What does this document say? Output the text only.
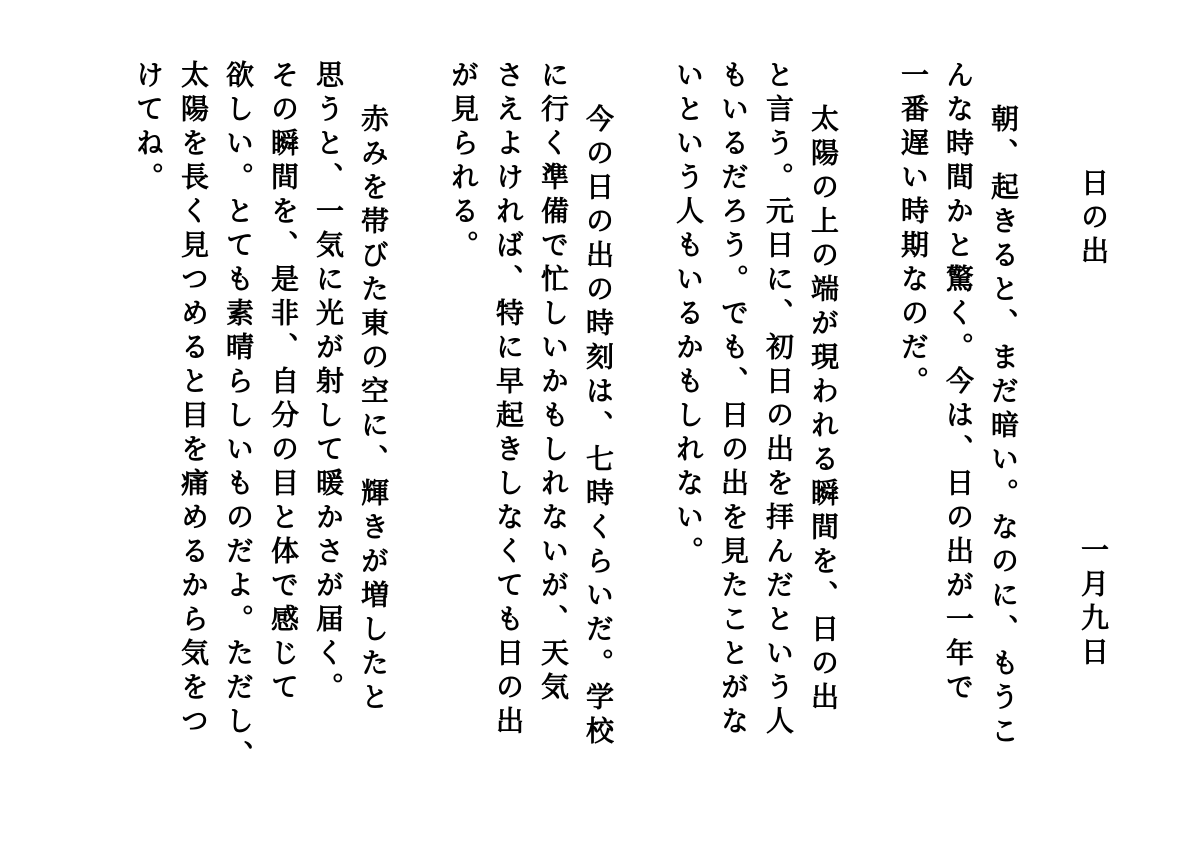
日の出
一月九日
朝、起きると、まだ暗い。なのに、もうこ
んな時間かと驚く。今は、日の出が一年で
一番遅い時期なのだ。
太陽の上の端が現われる瞬間を、日の出
と言う。元日に、初日の出を拝んだという人
もいるだろう。でも、日の出を見たことがな
いという人もいるかもしれない。
今の日の出の時刻は、七時くらいだ。学校
に行く準備で忙しいかもしれないが、天気
さえよければ、特に早起きしなくても日の出
が見られる。
赤みを帯びた東の空に、輝きが増したと
思うと、一気に光が射して暖かさが届く。
その瞬間を、是非、自分の目と体で感じて
欲しい。とても素晴らしいものだよ。ただし、
太陽を長く見つめると目を痛めるから気をつ
けてね。
